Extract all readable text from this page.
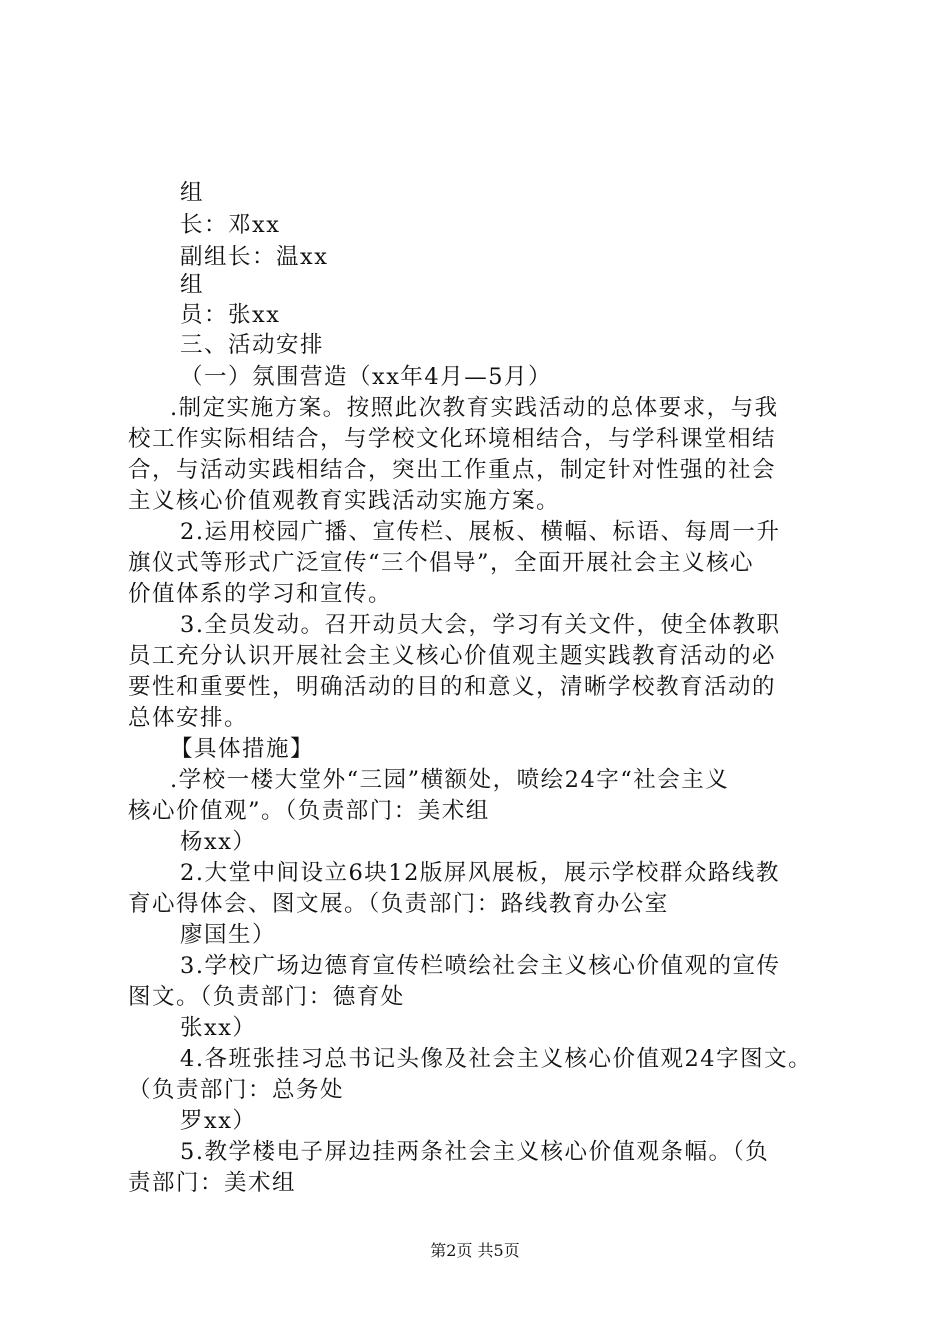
组
长：邓xx
副组长：温xx
组
员：张xx
三、活动安排
（一）氛围营造（xx年4月—5月）
.制定实施方案。按照此次教育实践活动的总体要求，与我
校工作实际相结合，与学校文化环境相结合，与学科课堂相结
合，与活动实践相结合，突出工作重点，制定针对性强的社会
主义核心价值观教育实践活动实施方案。
2.运用校园广播、宣传栏、展板、横幅、标语、每周一升
旗仪式等形式广泛宣传“三个倡导”，全面开展社会主义核心
价值体系的学习和宣传。
3.全员发动。召开动员大会，学习有关文件，使全体教职
员工充分认识开展社会主义核心价值观主题实践教育活动的必
要性和重要性，明确活动的目的和意义，清晰学校教育活动的
总体安排。
【具体措施】
.学校一楼大堂外“三园”横额处，喷绘24字“社会主义
核心价值观”。（负责部门：美术组
杨xx）
2.大堂中间设立6块12版屏风展板，展示学校群众路线教
育心得体会、图文展。（负责部门：路线教育办公室
廖国生）
3.学校广场边德育宣传栏喷绘社会主义核心价值观的宣传
图文。（负责部门：德育处
张xx）
4.各班张挂习总书记头像及社会主义核心价值观24字图文。
（负责部门：总务处
罗xx）
5.教学楼电子屏边挂两条社会主义核心价值观条幅。（负
责部门：美术组
第2页 共5页
